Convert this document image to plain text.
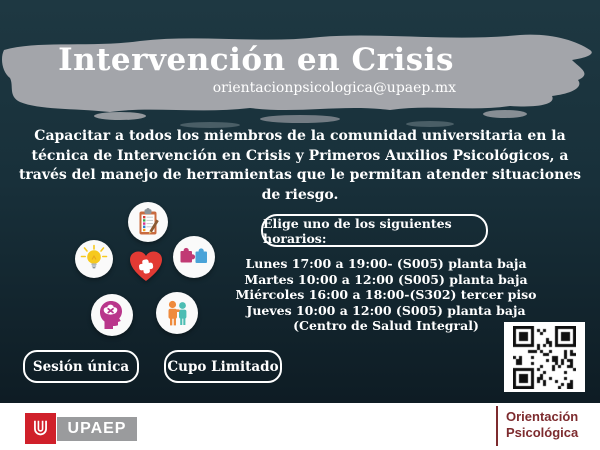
Intervención en Crisis
orientacionpsicologica@upaep.mx
Capacitar a todos los miembros de la comunidad universitaria en la técnica de Intervención en Crisis y Primeros Auxilios Psicológicos, a través del manejo de herramientas que le permitan atender situaciones de riesgo.
Elige uno de los siguientes horarios:
Lunes 17:00 a 19:00- (S005) planta baja
Martes 10:00 a 12:00 (S005) planta baja
Miércoles 16:00 a 18:00-(S302) tercer piso
Jueves 10:00 a 12:00 (S005) planta baja
(Centro de Salud Integral)
Sesión única	Cupo Limitado
UPAEP
Orientación
Psicológica
